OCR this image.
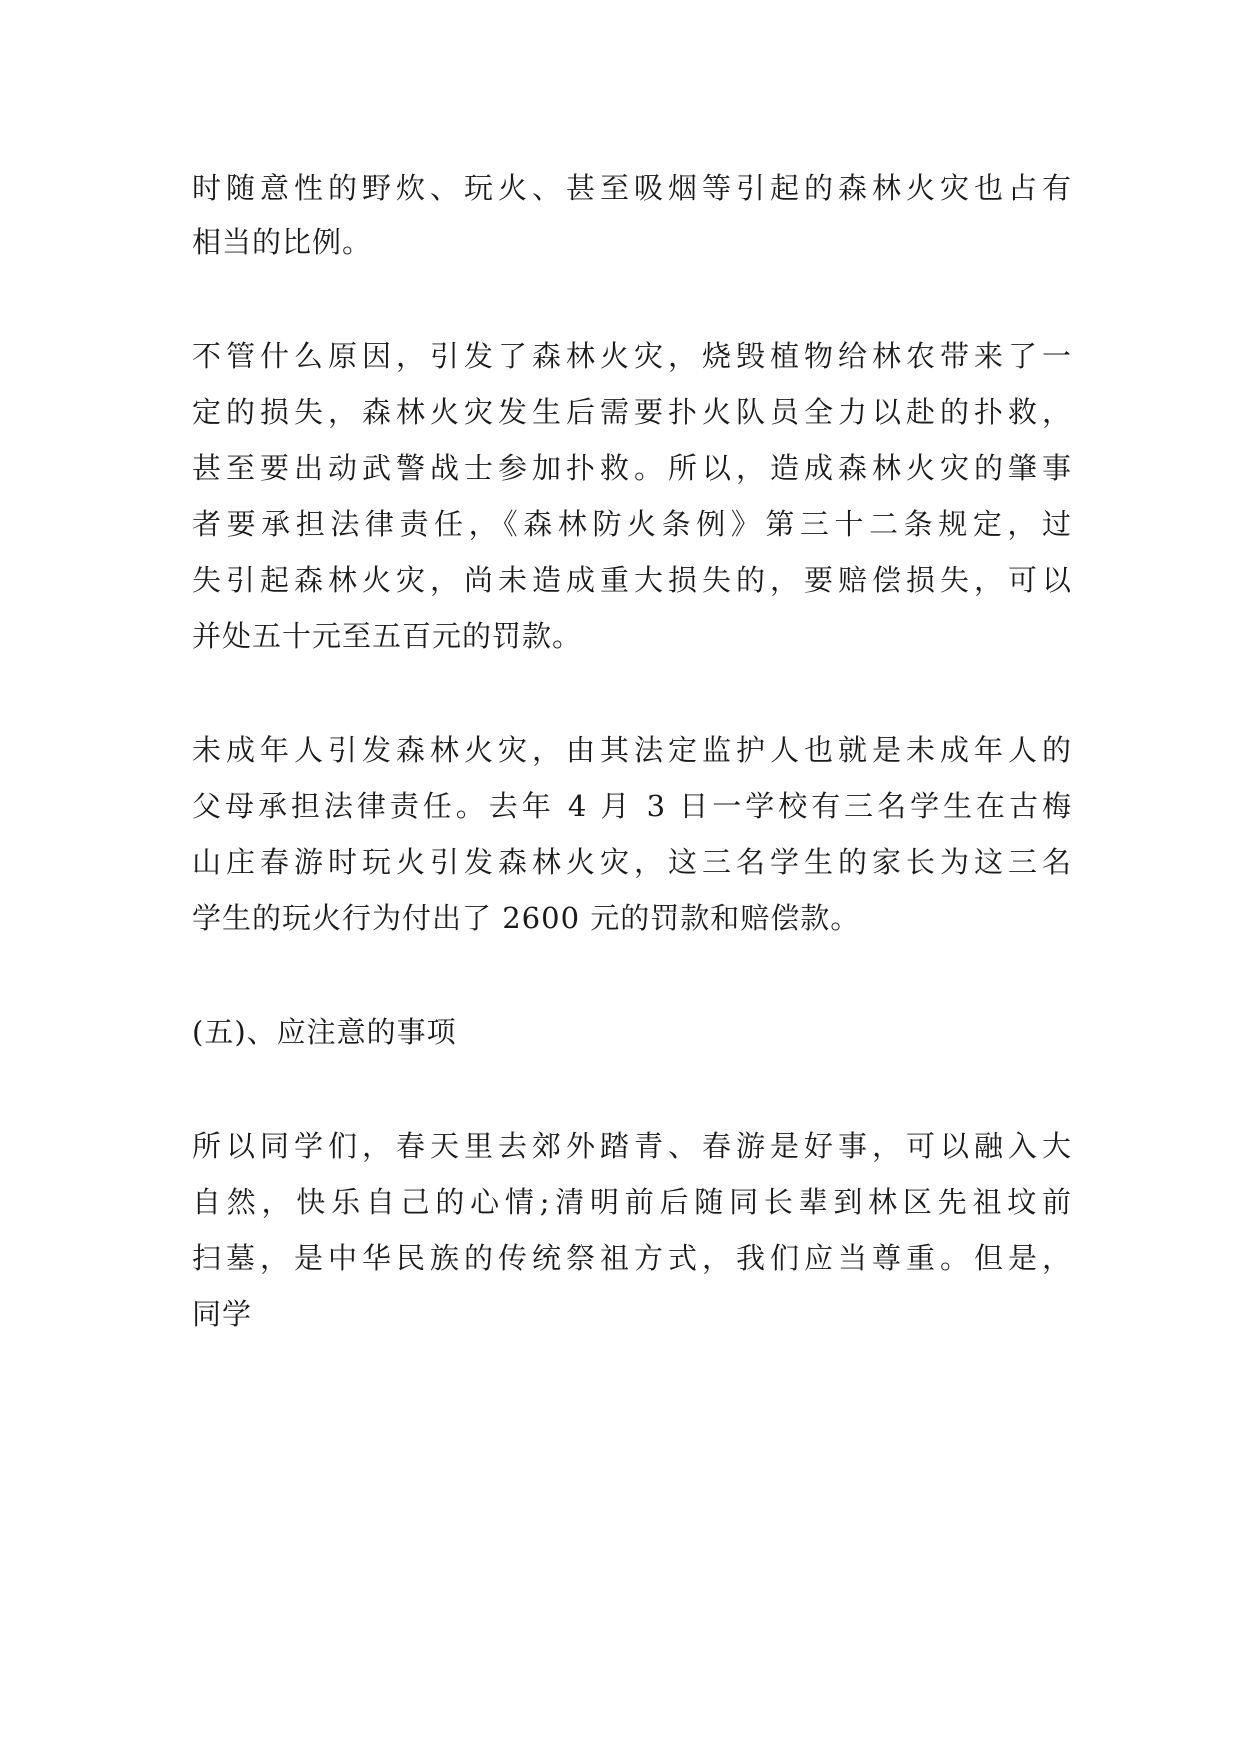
时随意性的野炊、玩火、甚至吸烟等引起的森林火灾也占有
相当的比例。
不管什么原因，引发了森林火灾，烧毁植物给林农带来了一
定的损失，森林火灾发生后需要扑火队员全力以赴的扑救，
甚至要出动武警战士参加扑救。所以，造成森林火灾的肇事
者要承担法律责任，《森林防火条例》第三十二条规定，过
失引起森林火灾，尚未造成重大损失的，要赔偿损失，可以
并处五十元至五百元的罚款。
未成年人引发森林火灾，由其法定监护人也就是未成年人的
父母承担法律责任。去年 4 月 3 日一学校有三名学生在古梅
山庄春游时玩火引发森林火灾，这三名学生的家长为这三名
学生的玩火行为付出了 2600 元的罚款和赔偿款。
(五)、应注意的事项
所以同学们，春天里去郊外踏青、春游是好事，可以融入大
自然，快乐自己的心情;清明前后随同长辈到林区先祖坟前
扫墓，是中华民族的传统祭祖方式，我们应当尊重。但是，
同学
